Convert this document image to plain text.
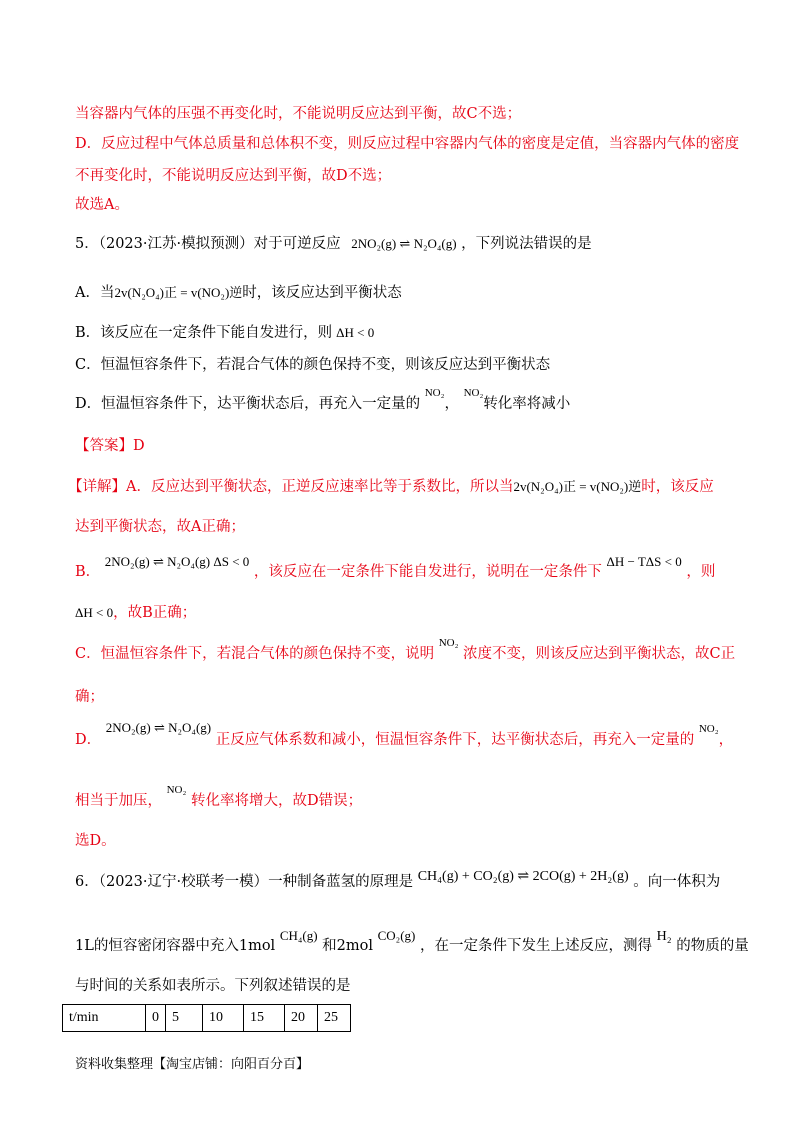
当容器内气体的压强不再变化时，不能说明反应达到平衡，故C不选；
D．反应过程中气体总质量和总体积不变，则反应过程中容器内气体的密度是定值，当容器内气体的密度
不再变化时，不能说明反应达到平衡，故D不选；
故选A。
5．（2023·江苏·模拟预测）对于可逆反应 2NO₂(g) ⇌ N₂O₄(g) ，下列说法错误的是
A．当2v(N₂O₄)正 = v(NO₂)逆时，该反应达到平衡状态
B．该反应在一定条件下能自发进行，则 ΔH < 0
C．恒温恒容条件下，若混合气体的颜色保持不变，则该反应达到平衡状态
D．恒温恒容条件下，达平衡状态后，再充入一定量的 $^{NO_2}$， $^{NO_2}$转化率将减小
【答案】D
【详解】A．反应达到平衡状态，正逆反应速率比等于系数比，所以当2v(N₂O₄)正 = v(NO₂)逆时，该反应
达到平衡状态，故A正确；
B． 2NO₂(g) ⇌ N₂O₄(g) ΔS < 0 ，该反应在一定条件下能自发进行，说明在一定条件下 ΔH − TΔS < 0 ，则
ΔH < 0，故B正确；
C．恒温恒容条件下，若混合气体的颜色保持不变，说明 $^{NO_2}$ 浓度不变，则该反应达到平衡状态，故C正
确；
D． 2NO₂(g) ⇌ N₂O₄(g) 正反应气体系数和减小，恒温恒容条件下，达平衡状态后，再充入一定量的 $^{NO_2}$，
相当于加压， $^{NO_2}$ 转化率将增大，故D错误；
选D。
6．（2023·辽宁·校联考一模）一种制备蓝氢的原理是 CH₄(g) + CO₂(g) ⇌ 2CO(g) + 2H₂(g) 。向一体积为
1L的恒容密闭容器中充入1mol CH₄(g) 和2mol CO₂(g) ，在一定条件下发生上述反应，测得 H₂ 的物质的量
与时间的关系如表所示。下列叙述错误的是
t/min	0	5	10	15	20	25
资料收集整理【淘宝店铺：向阳百分百】
